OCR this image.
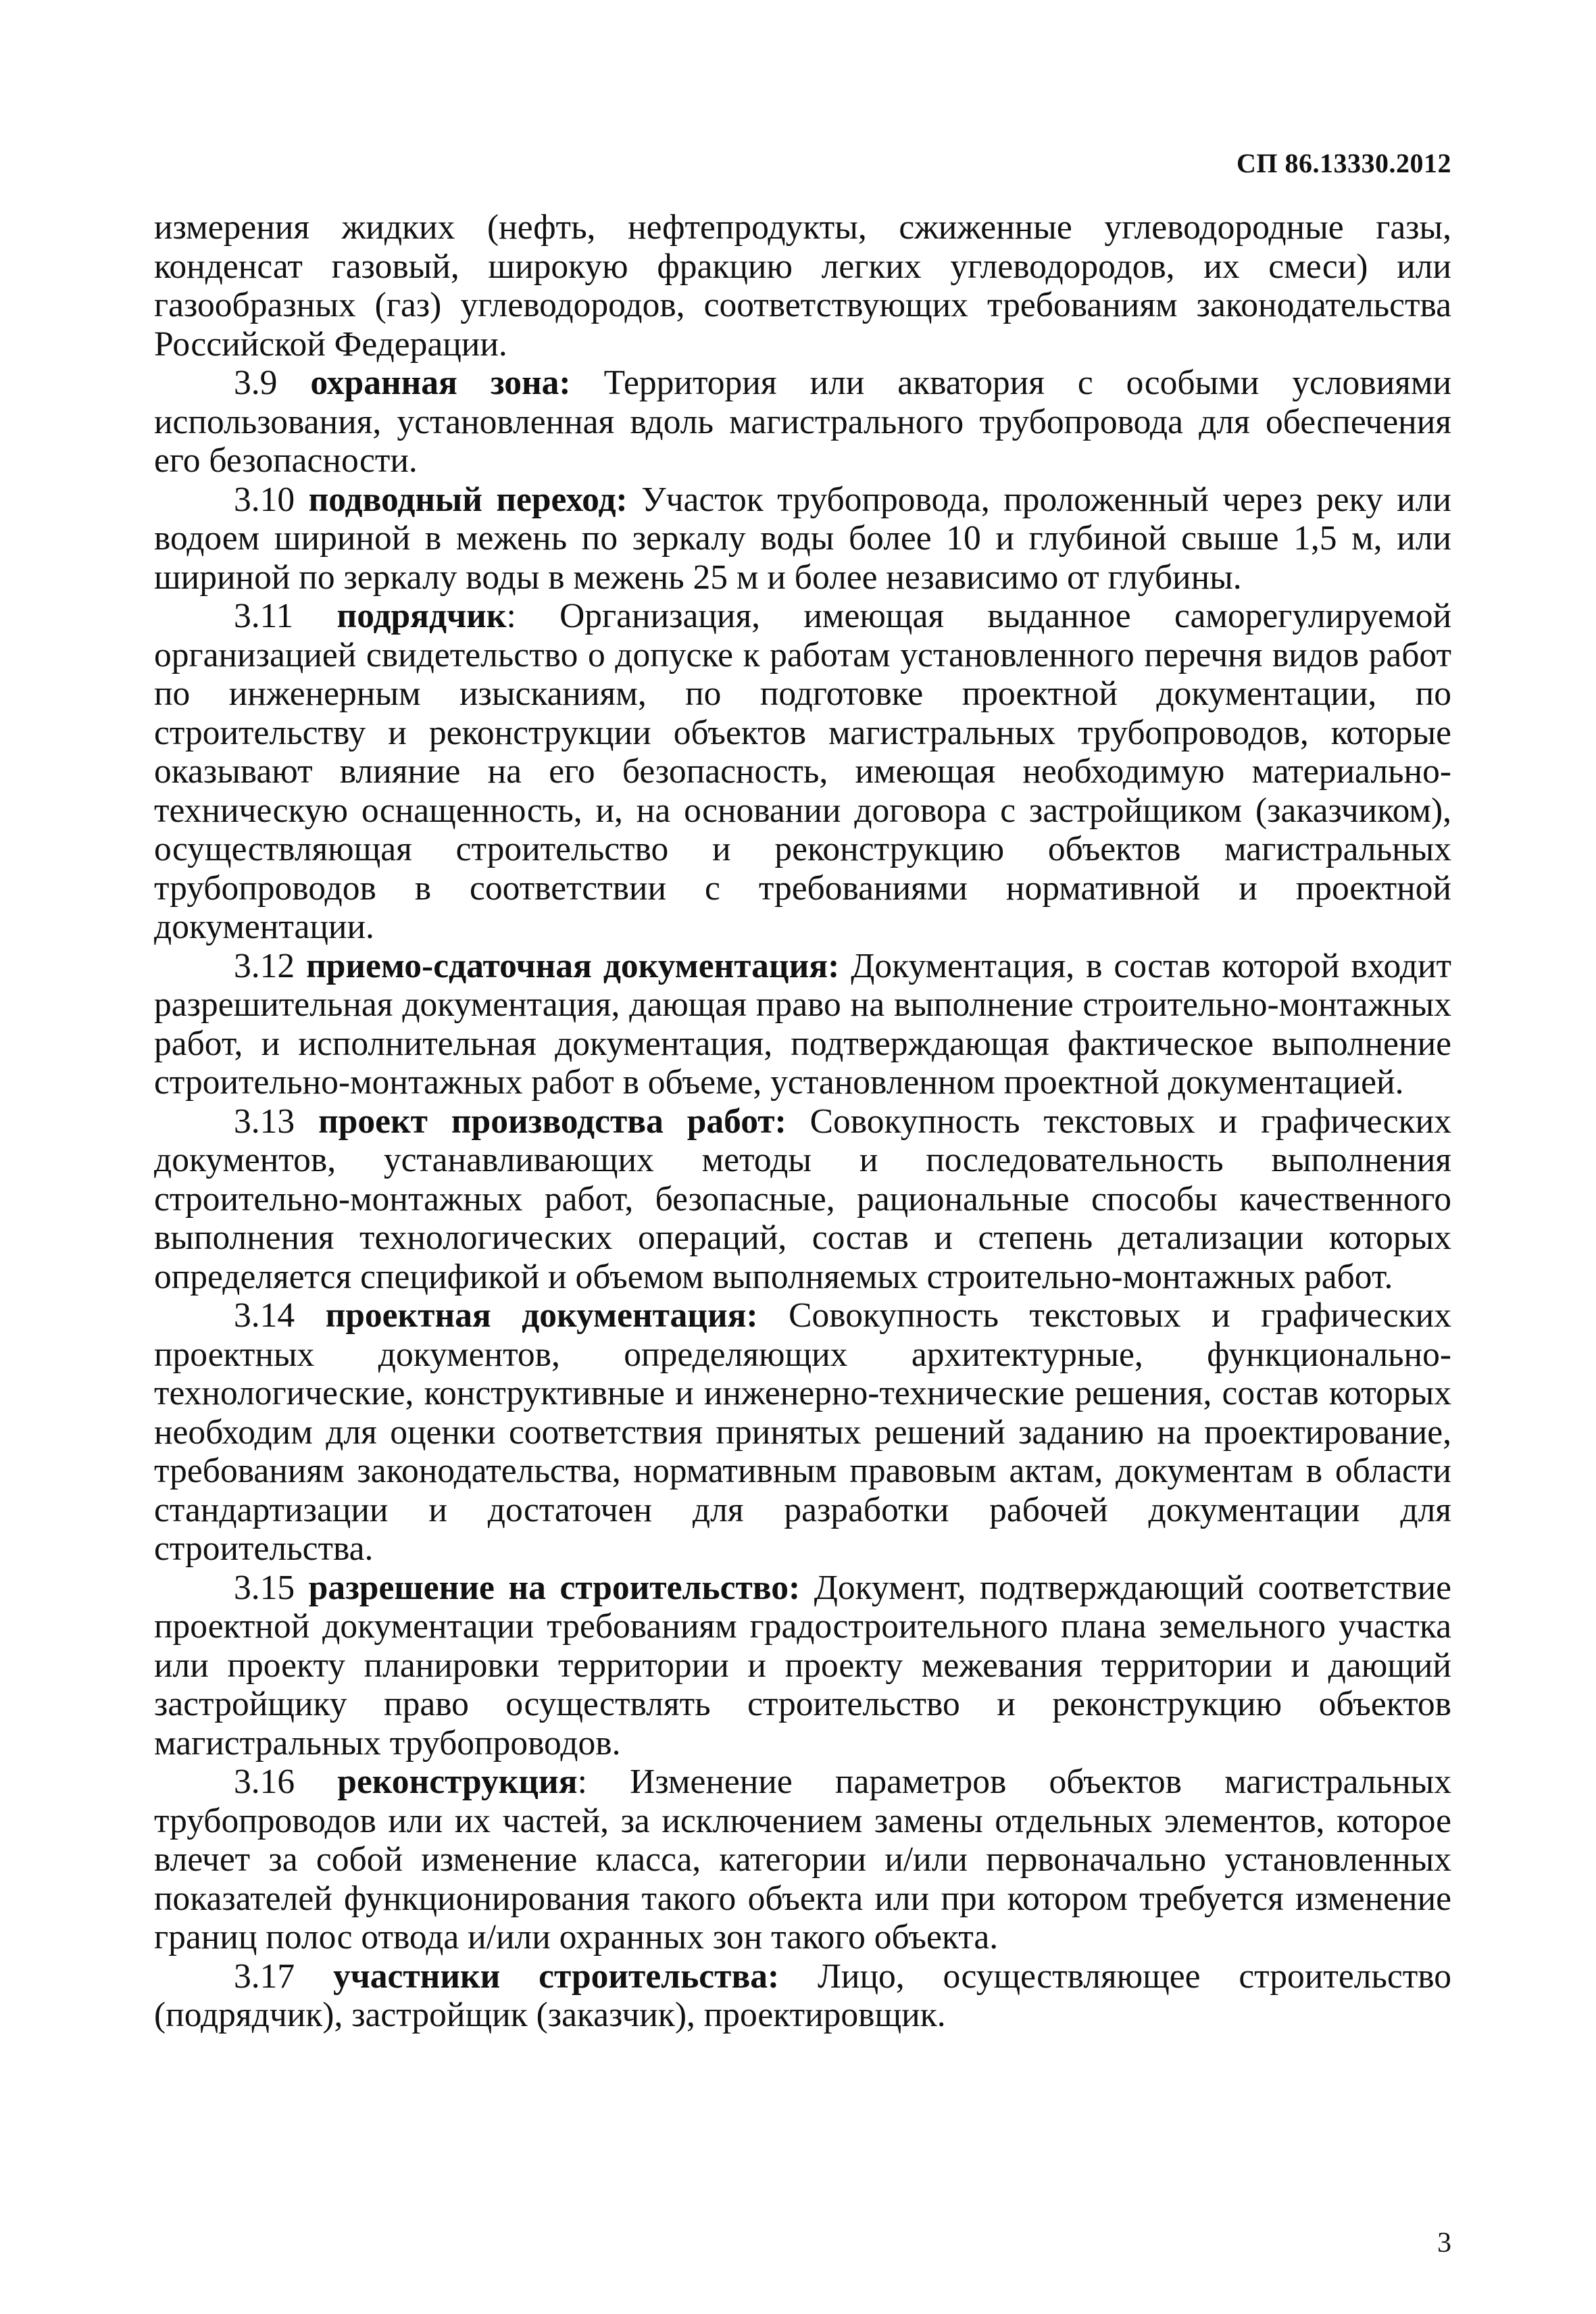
СП 86.13330.2012

измерения жидких (нефть, нефтепродукты, сжиженные углеводородные газы, конденсат газовый, широкую фракцию легких углеводородов, их смеси) или газообразных (газ) углеводородов, соответствующих требованиям законодательства Российской Федерации.

3.9 охранная зона: Территория или акватория с особыми условиями использования, установленная вдоль магистрального трубопровода для обеспечения его безопасности.

3.10 подводный переход: Участок трубопровода, проложенный через реку или водоем шириной в межень по зеркалу воды более 10 и глубиной свыше 1,5 м, или шириной по зеркалу воды в межень 25 м и более независимо от глубины.

3.11 подрядчик: Организация, имеющая выданное саморегулируемой организацией свидетельство о допуске к работам установленного перечня видов работ по инженерным изысканиям, по подготовке проектной документации, по строительству и реконструкции объектов магистральных трубопроводов, которые оказывают влияние на его безопасность, имеющая необходимую материально-техническую оснащенность, и, на основании договора с застройщиком (заказчиком), осуществляющая строительство и реконструкцию объектов магистральных трубопроводов в соответствии с требованиями нормативной и проектной документации.

3.12 приемо-сдаточная документация: Документация, в состав которой входит разрешительная документация, дающая право на выполнение строительно-монтажных работ, и исполнительная документация, подтверждающая фактическое выполнение строительно-монтажных работ в объеме, установленном проектной документацией.

3.13 проект производства работ: Совокупность текстовых и графических документов, устанавливающих методы и последовательность выполнения строительно-монтажных работ, безопасные, рациональные способы качественного выполнения технологических операций, состав и степень детализации которых определяется спецификой и объемом выполняемых строительно-монтажных работ.

3.14 проектная документация: Совокупность текстовых и графических проектных документов, определяющих архитектурные, функционально-технологические, конструктивные и инженерно-технические решения, состав которых необходим для оценки соответствия принятых решений заданию на проектирование, требованиям законодательства, нормативным правовым актам, документам в области стандартизации и достаточен для разработки рабочей документации для строительства.

3.15 разрешение на строительство: Документ, подтверждающий соответствие проектной документации требованиям градостроительного плана земельного участка или проекту планировки территории и проекту межевания территории и дающий застройщику право осуществлять строительство и реконструкцию объектов магистральных трубопроводов.

3.16 реконструкция: Изменение параметров объектов магистральных трубопроводов или их частей, за исключением замены отдельных элементов, которое влечет за собой изменение класса, категории и/или первоначально установленных показателей функционирования такого объекта или при котором требуется изменение границ полос отвода и/или охранных зон такого объекта.

3.17 участники строительства: Лицо, осуществляющее строительство (подрядчик), застройщик (заказчик), проектировщик.

3
